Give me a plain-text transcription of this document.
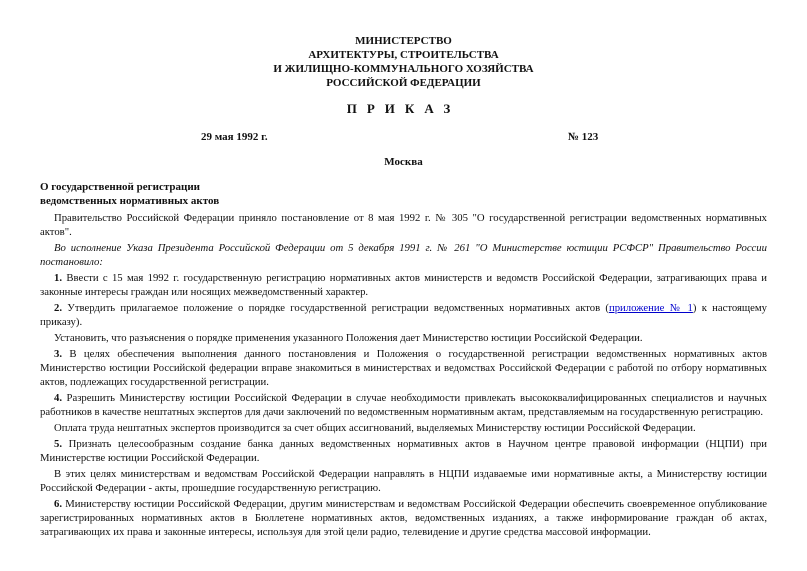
МИНИСТЕРСТВО
АРХИТЕКТУРЫ, СТРОИТЕЛЬСТВА
И ЖИЛИЩНО-КОММУНАЛЬНОГО ХОЗЯЙСТВА
РОССИЙСКОЙ ФЕДЕРАЦИИ
ПРИКАЗ
29 мая 1992 г.	№ 123
Москва
О государственной регистрации
ведомственных нормативных актов

Правительство Российской Федерации приняло постановление от 8 мая 1992 г. № 305 "О государственной регистрации ведомственных нормативных актов".

Во исполнение Указа Президента Российской Федерации от 5 декабря 1991 г. № 261 "О Министерстве юстиции РСФСР" Правительство России постановило:

1. Ввести с 15 мая 1992 г. государственную регистрацию нормативных актов министерств и ведомств Российской Федерации, затрагивающих права и законные интересы граждан или носящих межведомственный характер.

2. Утвердить прилагаемое положение о порядке государственной регистрации ведомственных нормативных актов (приложение № 1) к настоящему приказу).

Установить, что разъяснения о порядке применения указанного Положения дает Министерство юстиции Российской Федерации.

3. В целях обеспечения выполнения данного постановления и Положения о государственной регистрации ведомственных нормативных актов Министерство юстиции Российской федерации вправе знакомиться в министерствах и ведомствах Российской Федерации с работой по отбору нормативных актов, подлежащих государственной регистрации.

4. Разрешить Министерству юстиции Российской Федерации в случае необходимости привлекать высококвалифицированных специалистов и научных работников в качестве нештатных экспертов для дачи заключений по ведомственным нормативным актам, представляемым на государственную регистрацию.

Оплата труда нештатных экспертов производится за счет общих ассигнований, выделяемых Министерству юстиции Российской Федерации.

5. Признать целесообразным создание банка данных ведомственных нормативных актов в Научном центре правовой информации (НЦПИ) при Министерстве юстиции Российской Федерации.

В этих целях министерствам и ведомствам Российской Федерации направлять в НЦПИ издаваемые ими нормативные акты, а Министерству юстиции Российской Федерации - акты, прошедшие государственную регистрацию.

6. Министерству юстиции Российской Федерации, другим министерствам и ведомствам Российской Федерации обеспечить своевременное опубликование зарегистрированных нормативных актов в Бюллетене нормативных актов, ведомственных изданиях, а также информирование граждан об актах, затрагивающих их права и законные интересы, используя для этой цели радио, телевидение и другие средства массовой информации.
